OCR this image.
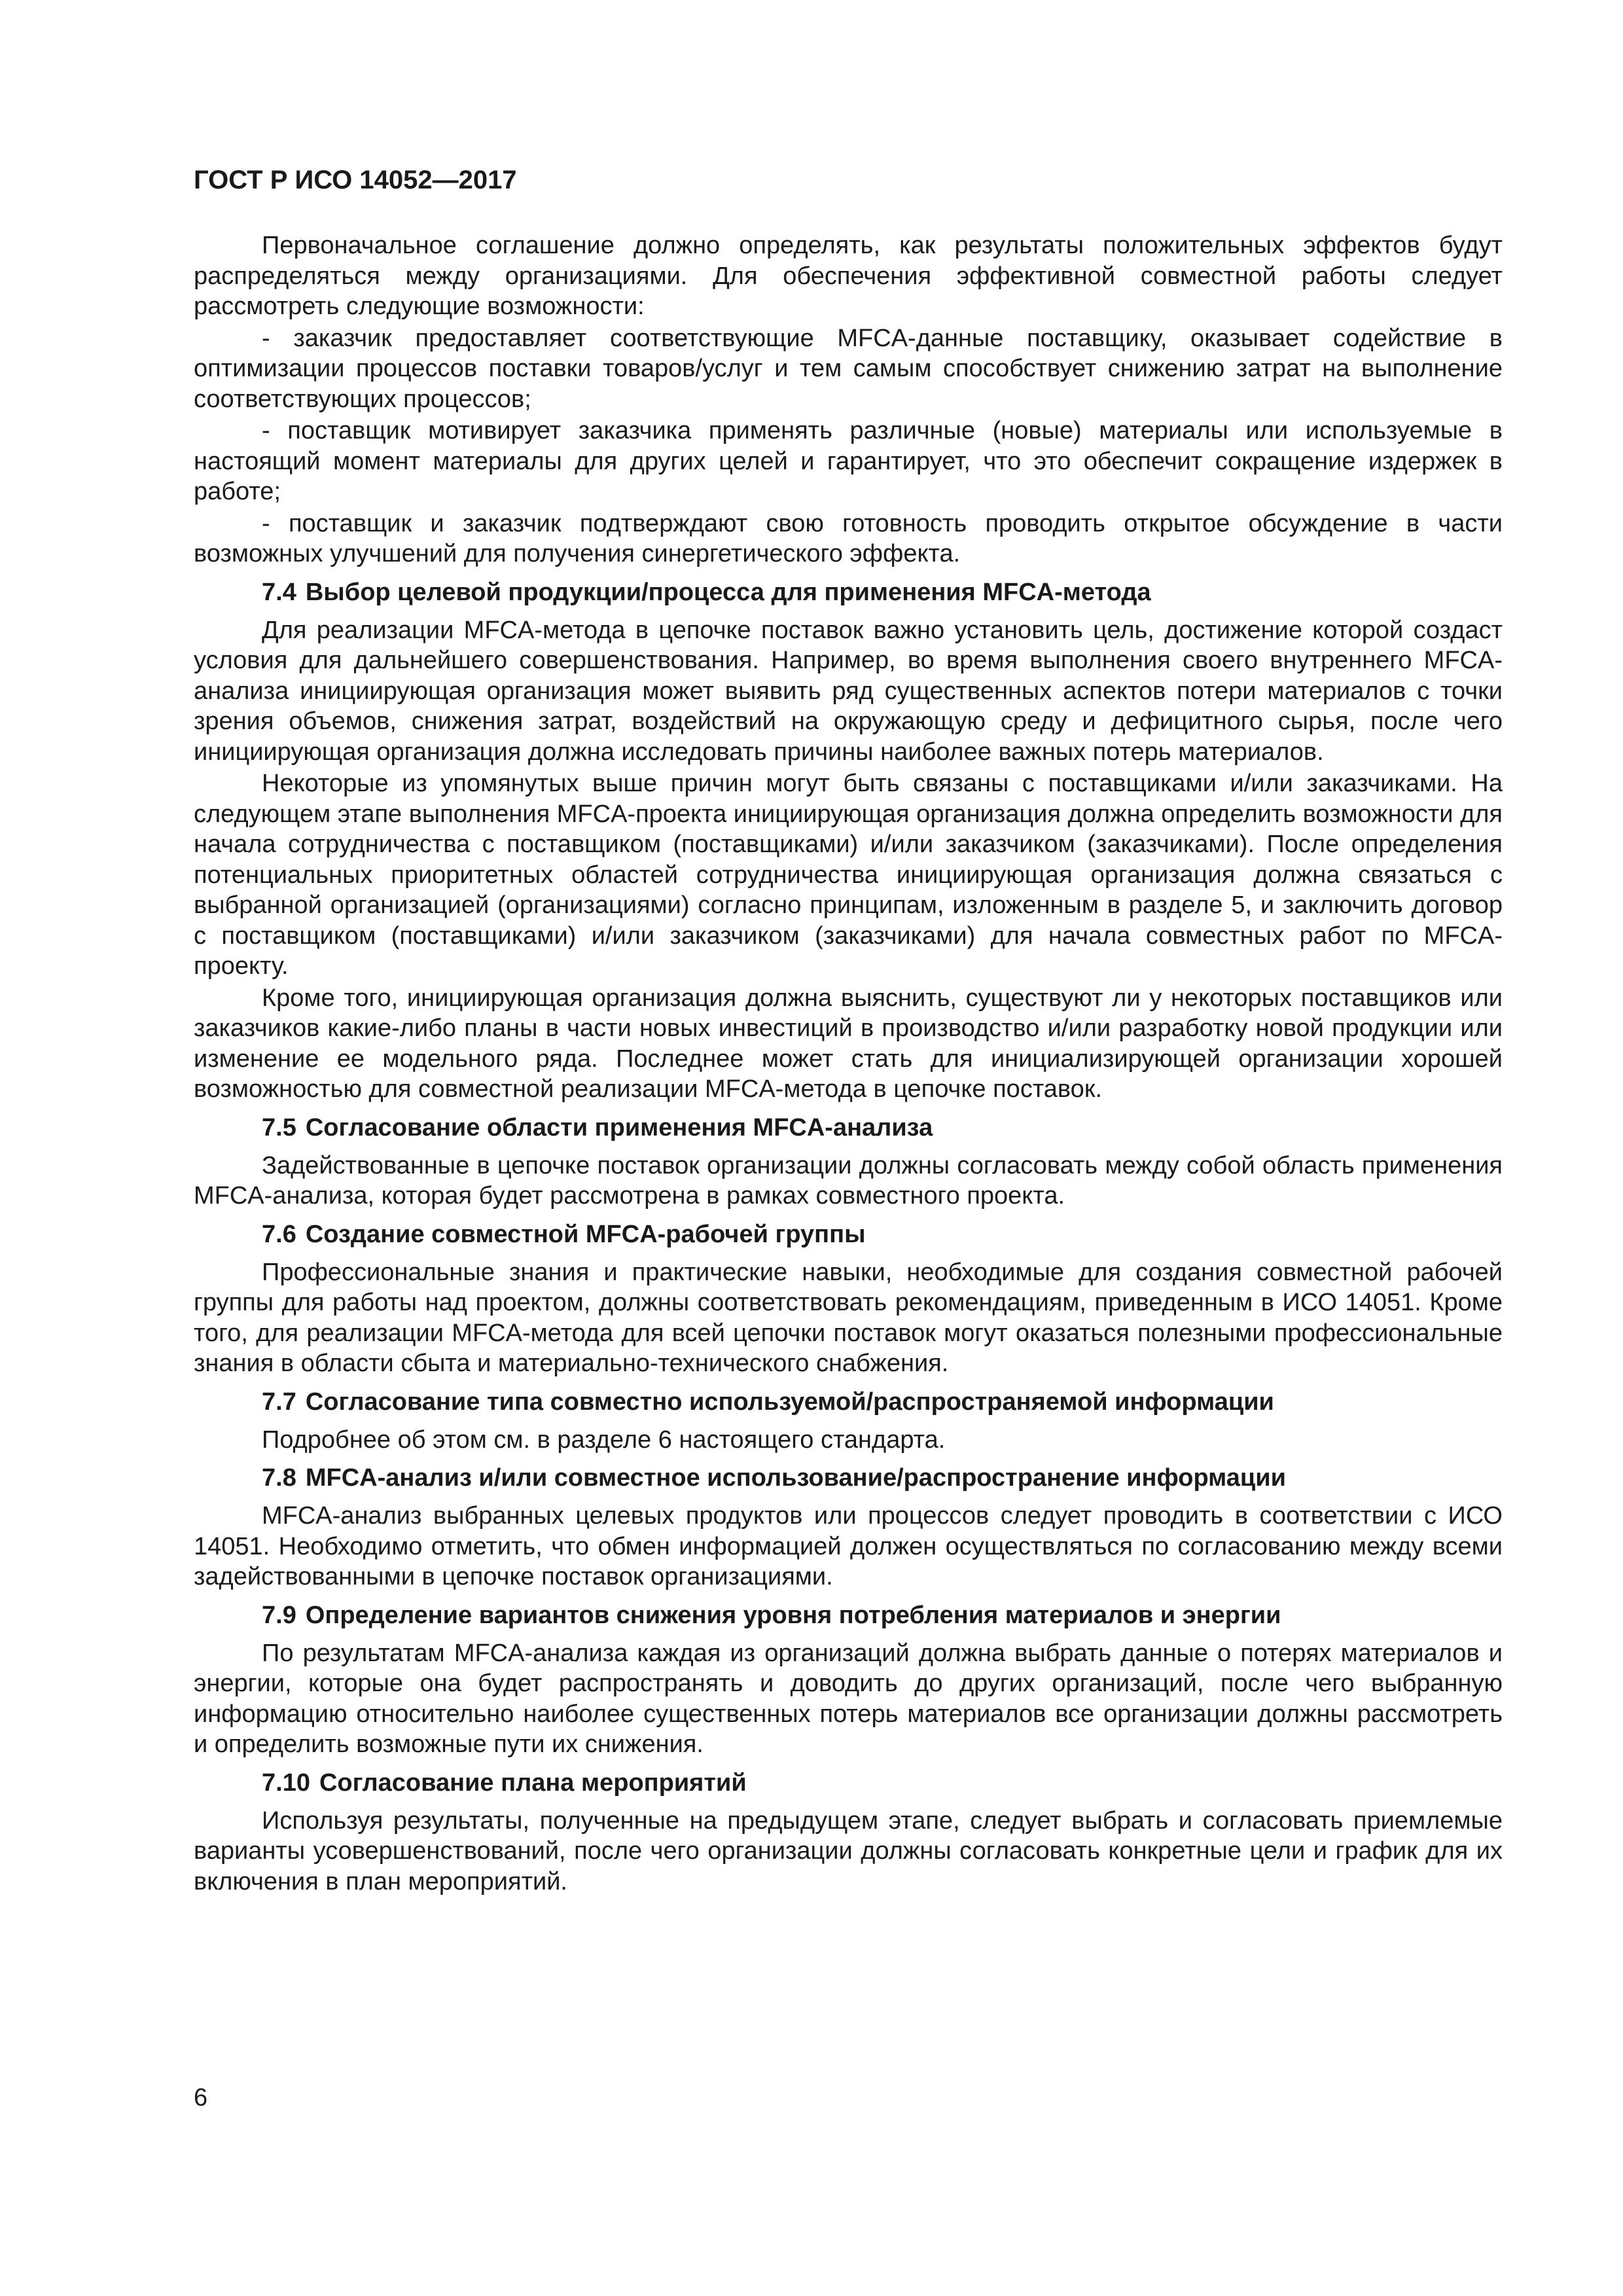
ГОСТ Р ИСО 14052—2017

Первоначальное соглашение должно определять, как результаты положительных эффектов будут распределяться между организациями. Для обеспечения эффективной совместной работы следует рассмотреть следующие возможности:

- заказчик предоставляет соответствующие MFCA-данные поставщику, оказывает содействие в оптимизации процессов поставки товаров/услуг и тем самым способствует снижению затрат на выполнение соответствующих процессов;

- поставщик мотивирует заказчика применять различные (новые) материалы или используемые в настоящий момент материалы для других целей и гарантирует, что это обеспечит сокращение издержек в работе;

- поставщик и заказчик подтверждают свою готовность проводить открытое обсуждение в части возможных улучшений для получения синергетического эффекта.

7.4 Выбор целевой продукции/процесса для применения MFCA-метода

Для реализации MFCA-метода в цепочке поставок важно установить цель, достижение которой создаст условия для дальнейшего совершенствования. Например, во время выполнения своего внутреннего MFCA-анализа инициирующая организация может выявить ряд существенных аспектов потери материалов с точки зрения объемов, снижения затрат, воздействий на окружающую среду и дефицитного сырья, после чего инициирующая организация должна исследовать причины наиболее важных потерь материалов.

Некоторые из упомянутых выше причин могут быть связаны с поставщиками и/или заказчиками. На следующем этапе выполнения MFCA-проекта инициирующая организация должна определить возможности для начала сотрудничества с поставщиком (поставщиками) и/или заказчиком (заказчиками). После определения потенциальных приоритетных областей сотрудничества инициирующая организация должна связаться с выбранной организацией (организациями) согласно принципам, изложенным в разделе 5, и заключить договор с поставщиком (поставщиками) и/или заказчиком (заказчиками) для начала совместных работ по MFCA-проекту.

Кроме того, инициирующая организация должна выяснить, существуют ли у некоторых поставщиков или заказчиков какие-либо планы в части новых инвестиций в производство и/или разработку новой продукции или изменение ее модельного ряда. Последнее может стать для инициализирующей организации хорошей возможностью для совместной реализации MFCA-метода в цепочке поставок.

7.5 Согласование области применения MFCA-анализа

Задействованные в цепочке поставок организации должны согласовать между собой область применения MFCA-анализа, которая будет рассмотрена в рамках совместного проекта.

7.6 Создание совместной MFCA-рабочей группы

Профессиональные знания и практические навыки, необходимые для создания совместной рабочей группы для работы над проектом, должны соответствовать рекомендациям, приведенным в ИСО 14051. Кроме того, для реализации MFCA-метода для всей цепочки поставок могут оказаться полезными профессиональные знания в области сбыта и материально-технического снабжения.

7.7 Согласование типа совместно используемой/распространяемой информации

Подробнее об этом см. в разделе 6 настоящего стандарта.

7.8 MFCA-анализ и/или совместное использование/распространение информации

MFCA-анализ выбранных целевых продуктов или процессов следует проводить в соответствии с ИСО 14051. Необходимо отметить, что обмен информацией должен осуществляться по согласованию между всеми задействованными в цепочке поставок организациями.

7.9 Определение вариантов снижения уровня потребления материалов и энергии

По результатам MFCA-анализа каждая из организаций должна выбрать данные о потерях материалов и энергии, которые она будет распространять и доводить до других организаций, после чего выбранную информацию относительно наиболее существенных потерь материалов все организации должны рассмотреть и определить возможные пути их снижения.

7.10 Согласование плана мероприятий

Используя результаты, полученные на предыдущем этапе, следует выбрать и согласовать приемлемые варианты усовершенствований, после чего организации должны согласовать конкретные цели и график для их включения в план мероприятий.

6
